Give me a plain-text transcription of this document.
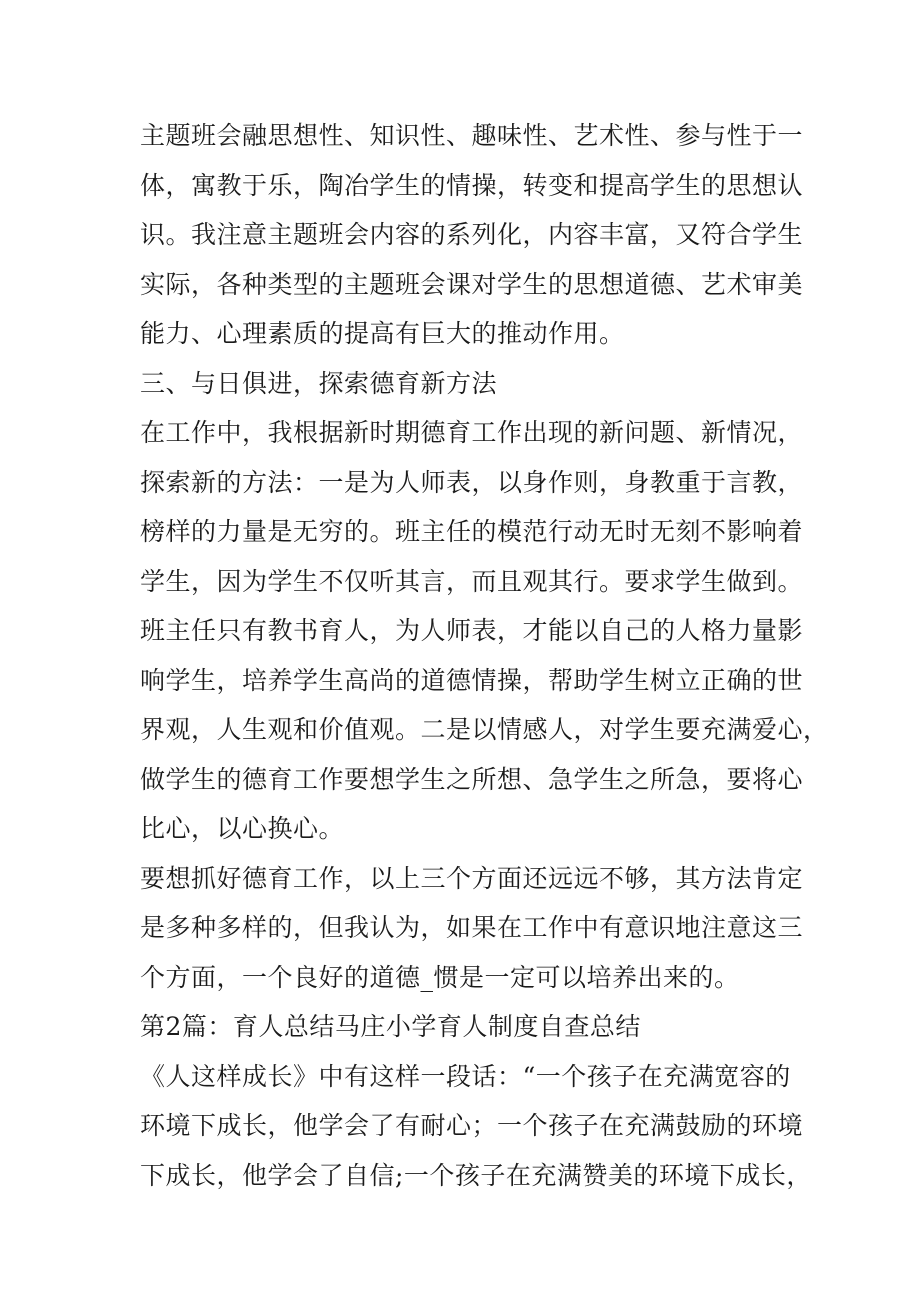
主题班会融思想性、知识性、趣味性、艺术性、参与性于一

体，寓教于乐，陶冶学生的情操，转变和提高学生的思想认

识。我注意主题班会内容的系列化，内容丰富，又符合学生

实际，各种类型的主题班会课对学生的思想道德、艺术审美

能力、心理素质的提高有巨大的推动作用。

三、与日俱进，探索德育新方法

在工作中，我根据新时期德育工作出现的新问题、新情况，

探索新的方法：一是为人师表，以身作则，身教重于言教，

榜样的力量是无穷的。班主任的模范行动无时无刻不影响着

学生，因为学生不仅听其言，而且观其行。要求学生做到。

班主任只有教书育人，为人师表，才能以自己的人格力量影

响学生，培养学生高尚的道德情操，帮助学生树立正确的世

界观，人生观和价值观。二是以情感人，对学生要充满爱心，

做学生的德育工作要想学生之所想、急学生之所急，要将心

比心，以心换心。

要想抓好德育工作，以上三个方面还远远不够，其方法肯定

是多种多样的，但我认为，如果在工作中有意识地注意这三

个方面，一个良好的道德_惯是一定可以培养出来的。

第2篇：育人总结马庄小学育人制度自查总结

《人这样成长》中有这样一段话：“一个孩子在充满宽容的

环境下成长，他学会了有耐心；一个孩子在充满鼓励的环境

下成长，他学会了自信;一个孩子在充满赞美的环境下成长，
